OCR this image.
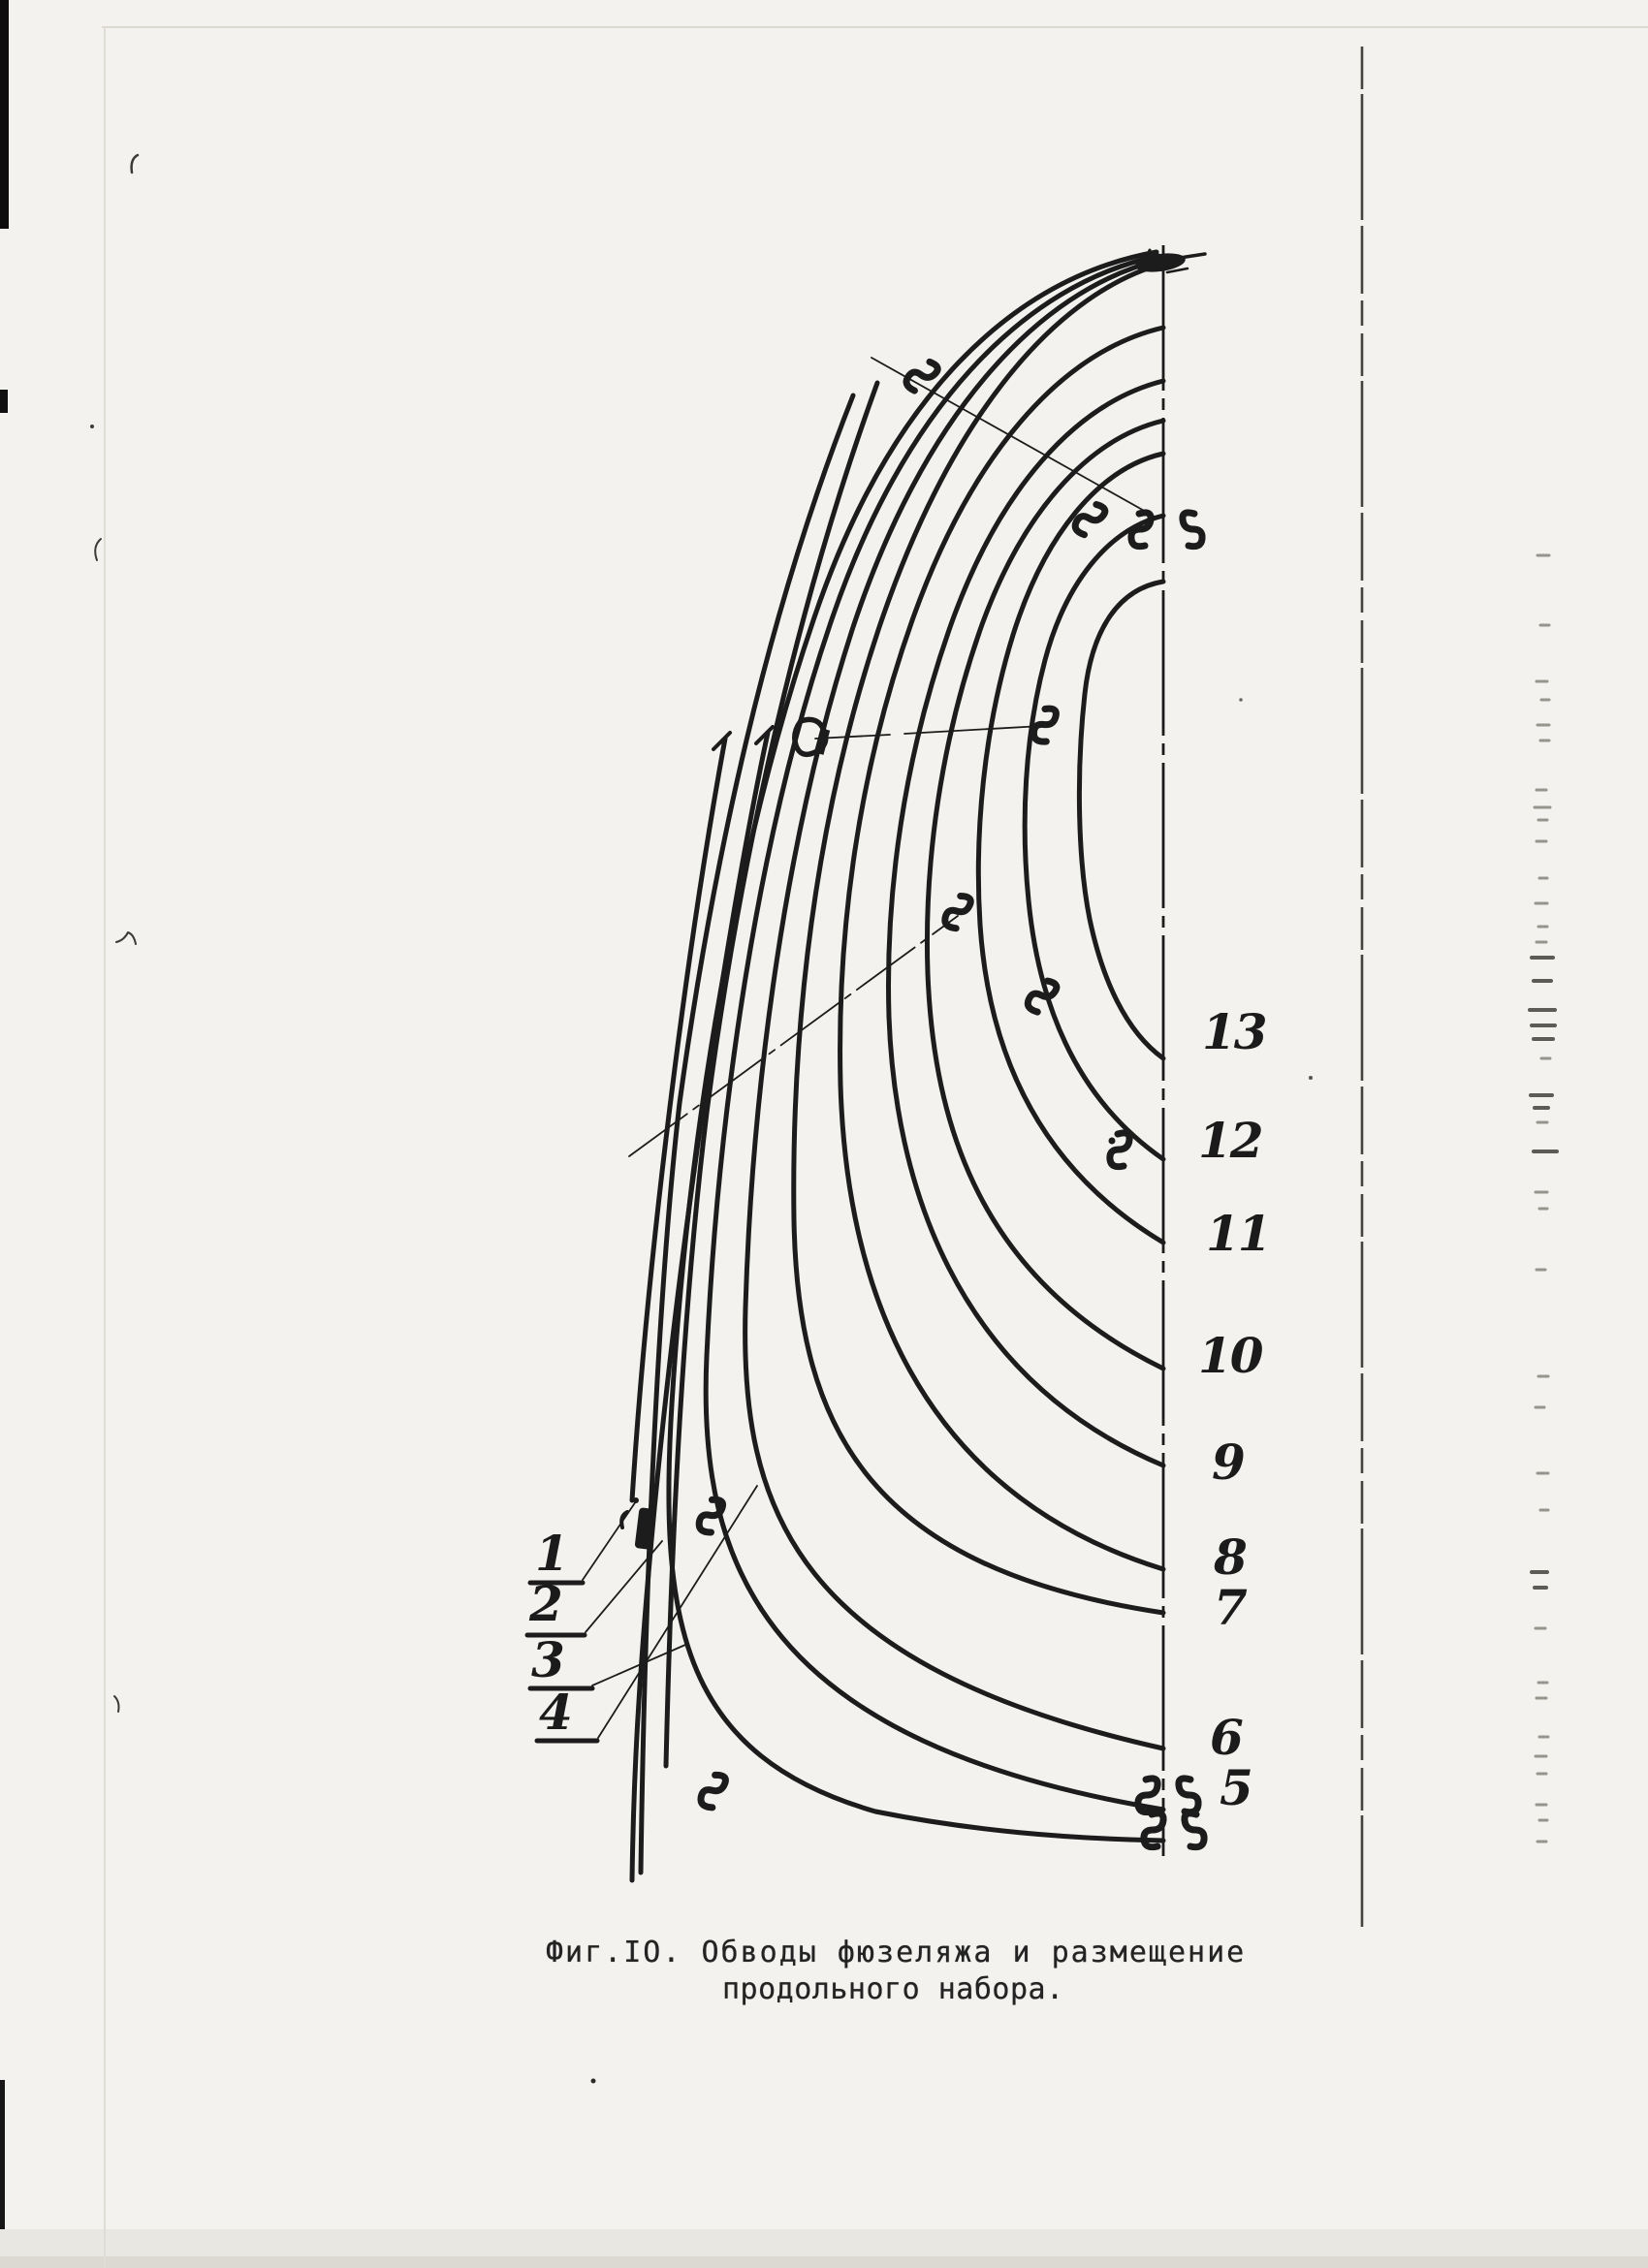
13
12
11
10
9
8
7
6
5
1
2
3
4
Фиг.IO. Обводы фюзеляжа и размещение
продольного набора.
